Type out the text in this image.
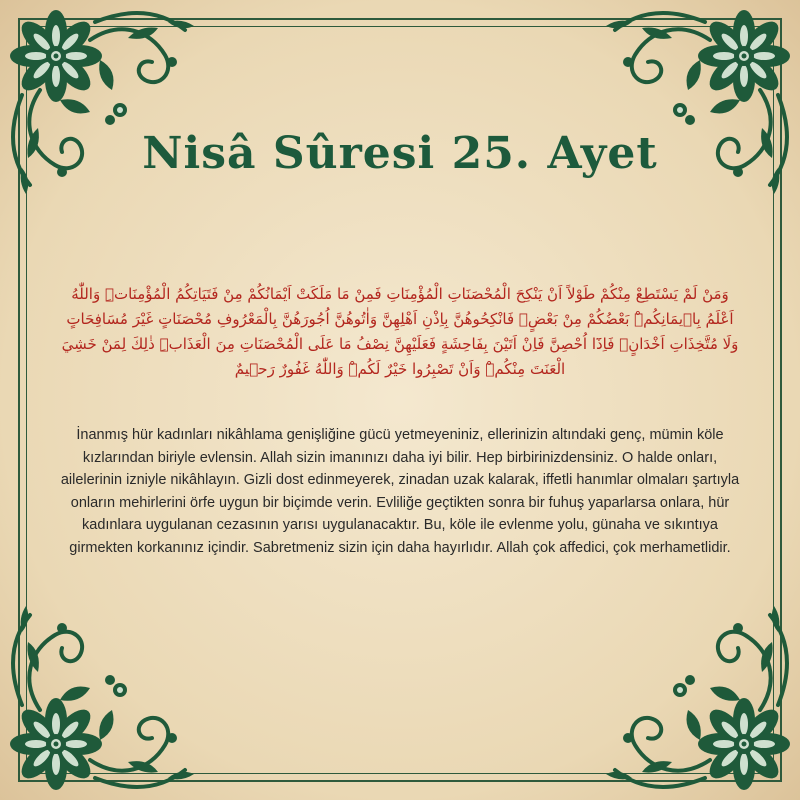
Nisâ Sûresi 25. Ayet

وَمَنْ لَمْ يَسْتَطِعْ مِنْكُمْ طَوْلاً اَنْ يَنْكِحَ الْمُحْصَنَاتِ الْمُؤْمِنَاتِ فَمِنْ مَا مَلَكَتْ اَيْمَانُكُمْ مِنْ فَتَيَاتِكُمُ الْمُؤْمِنَاتِۜ وَاللّٰهُ اَعْلَمُ بِا۪يمَانِكُمْۜ بَعْضُكُمْ مِنْ بَعْضٍۚ فَانْكِحُوهُنَّ بِاِذْنِ اَهْلِهِنَّ وَاٰتُوهُنَّ اُجُورَهُنَّ بِالْمَعْرُوفِ مُحْصَنَاتٍ غَيْرَ مُسَافِحَاتٍ وَلَا مُتَّخِذَاتِ اَخْدَانٍۚ فَاِذَٓا اُحْصِنَّ فَاِنْ اَتَيْنَ بِفَاحِشَةٍ فَعَلَيْهِنَّ نِصْفُ مَا عَلَى الْمُحْصَنَاتِ مِنَ الْعَذَابِۜ ذٰلِكَ لِمَنْ خَشِيَ الْعَنَتَ مِنْكُمْۜ وَاَنْ تَصْبِرُوا خَيْرٌ لَكُمْۜ وَاللّٰهُ غَفُورٌ رَح۪يمٌ

İnanmış hür kadınları nikâhlama genişliğine gücü yetmeyeniniz, ellerinizin altındaki genç, mümin köle kızlarından biriyle evlensin. Allah sizin imanınızı daha iyi bilir. Hep birbirinizdensiniz. O halde onları, ailelerinin izniyle nikâhlayın. Gizli dost edinmeyerek, zinadan uzak kalarak, iffetli hanımlar olmaları şartıyla onların mehirlerini örfe uygun bir biçimde verin. Evliliğe geçtikten sonra bir fuhuş yaparlarsa onlara, hür kadınlara uygulanan cezasının yarısı uygulanacaktır. Bu, köle ile evlenme yolu, günaha ve sıkıntıya girmekten korkanınız içindir. Sabretmeniz sizin için daha hayırlıdır. Allah çok affedici, çok merhametlidir.
